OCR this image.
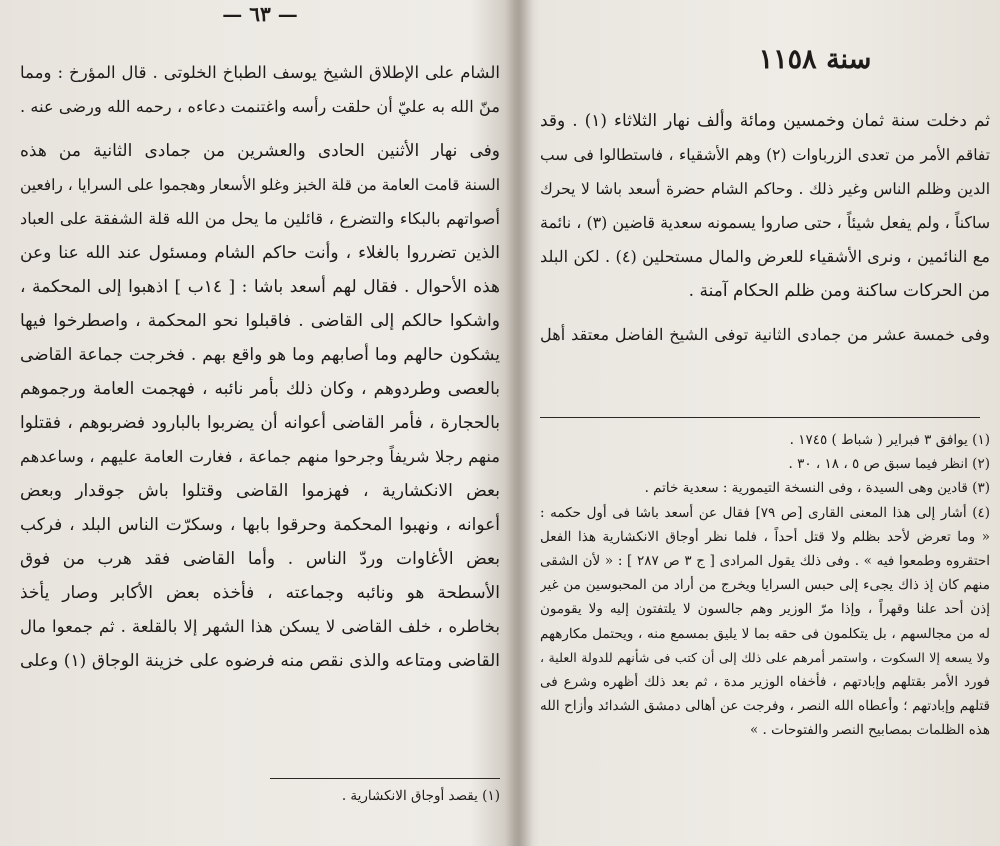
— ٦٣ —
الشام على الإطلاق الشيخ يوسف الطباخ الخلوتى . قال المؤرخ : ومما
منّ الله به عليّ أن حلقت رأسه واغتنمت دعاءه ، رحمه الله ورضى عنه .
وفى نهار الأثنين الحادى والعشرين من جمادى الثانية من هذه
السنة قامت العامة من قلة الخبز وغلو الأسعار وهجموا على السرايا ، رافعين
أصواتهم بالبكاء والتضرع ، قائلين ما يحل من الله قلة الشفقة على العباد
الذين تضرروا بالغلاء ، وأنت حاكم الشام ومسئول عند الله عنا وعن
هذه الأحوال . فقال لهم أسعد باشا : [ ١٤ب ] اذهبوا إلى المحكمة ،
واشكوا حالكم إلى القاضى . فاقبلوا نحو المحكمة ، واصطرخوا فيها
يشكون حالهم وما أصابهم وما هو واقع بهم . فخرجت جماعة القاضى
بالعصى وطردوهم ، وكان ذلك بأمر نائبه ، فهجمت العامة ورجموهم
بالحجارة ، فأمر القاضى أعوانه أن يضربوا بالبارود فضربوهم ، فقتلوا
منهم رجلا شريفاً وجرحوا منهم جماعة ، فغارت العامة عليهم ، وساعدهم
بعض الانكشارية ، فهزموا القاضى وقتلوا باش جوقدار وبعض
أعوانه ، ونهبوا المحكمة وحرقوا بابها ، وسكرّت الناس البلد ، فركب
بعض الأغاوات وردّ الناس . وأما القاضى فقد هرب من فوق
الأسطحة هو ونائبه وجماعته ، فأخذه بعض الأكابر وصار يأخذ
بخاطره ، خلف القاضى لا يسكن هذا الشهر إلا بالقلعة . ثم جمعوا مال
القاضى ومتاعه والذى نقص منه فرضوه على خزينة الوجاق (١) وعلى
(١) يقصد أوجاق الانكشارية .
سنة ١١٥٨
ثم دخلت سنة ثمان وخمسين ومائة وألف نهار الثلاثاء (١) . وقد
تفاقم الأمر من تعدى الزرباوات (٢) وهم الأشقياء ، فاستطالوا فى سب
الدين وظلم الناس وغير ذلك . وحاكم الشام حضرة أسعد باشا لا يحرك
ساكناً ، ولم يفعل شيئاً ، حتى صاروا يسمونه سعدية قاضين (٣) ، نائمة
مع النائمين ، ونرى الأشقياء للعرض والمال مستحلين (٤) . لكن البلد
من الحركات ساكنة ومن ظلم الحكام آمنة .
وفى خمسة عشر من جمادى الثانية توفى الشيخ الفاضل معتقد أهل
(١) يوافق ٣ فبراير ( شباط ) ١٧٤٥ .
(٢) انظر فيما سبق ص ٥ ، ١٨ ، ٣٠ .
(٣) قادين وهى السيدة ، وفى النسخة التيمورية : سعدية خاتم .
(٤) أشار إلى هذا المعنى القارى [ص ٧٩] فقال عن أسعد باشا فى أول حكمه :
« وما تعرض لأحد بظلم ولا قتل أحداً ، فلما نظر أوجاق الانكشارية هذا الفعل
احتقروه وطمعوا فيه » . وفى ذلك يقول المرادى [ ج ٣ ص ٢٨٧ ] : « لأن الشقى
منهم كان إذ ذاك يجىء إلى حبس السرايا ويخرج من أراد من المحبوسين من غير
إذن أحد علنا وقهراً ، وإذا مرّ الوزير وهم جالسون لا يلتفتون إليه ولا يقومون
له من مجالسهم ، بل يتكلمون فى حقه بما لا يليق بمسمع منه ، ويحتمل مكارههم
ولا يسعه إلا السكوت ، واستمر أمرهم على ذلك إلى أن كتب فى شأنهم للدولة العلية ،
فورد الأمر بقتلهم وإبادتهم ، فأخفاه الوزير مدة ، ثم بعد ذلك أظهره وشرع فى
قتلهم وإبادتهم ؛ وأعطاه الله النصر ، وفرجت عن أهالى دمشق الشدائد وأزاح الله
هذه الظلمات بمصابيح النصر والفتوحات . »
